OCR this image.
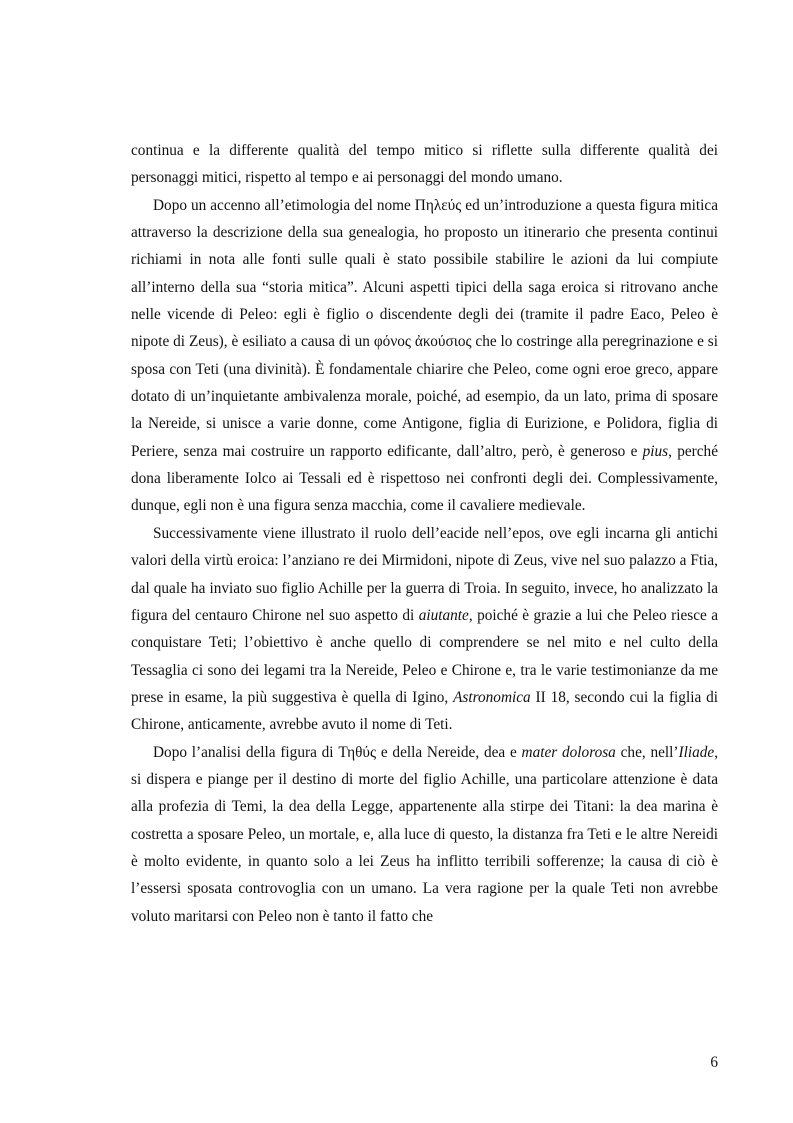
continua e la differente qualità del tempo mitico si riflette sulla differente qualità dei personaggi mitici, rispetto al tempo e ai personaggi del mondo umano.

Dopo un accenno all’etimologia del nome Πηλεύς ed un’introduzione a questa figura mitica attraverso la descrizione della sua genealogia, ho proposto un itinerario che presenta continui richiami in nota alle fonti sulle quali è stato possibile stabilire le azioni da lui compiute all’interno della sua “storia mitica”. Alcuni aspetti tipici della saga eroica si ritrovano anche nelle vicende di Peleo: egli è figlio o discendente degli dei (tramite il padre Eaco, Peleo è nipote di Zeus), è esiliato a causa di un φόνος ἀκούσιος che lo costringe alla peregrinazione e si sposa con Teti (una divinità). È fondamentale chiarire che Peleo, come ogni eroe greco, appare dotato di un’inquietante ambivalenza morale, poiché, ad esempio, da un lato, prima di sposare la Nereide, si unisce a varie donne, come Antigone, figlia di Eurizione, e Polidora, figlia di Periere, senza mai costruire un rapporto edificante, dall’altro, però, è generoso e pius, perché dona liberamente Iolco ai Tessali ed è rispettoso nei confronti degli dei. Complessivamente, dunque, egli non è una figura senza macchia, come il cavaliere medievale.

Successivamente viene illustrato il ruolo dell’eacide nell’epos, ove egli incarna gli antichi valori della virtù eroica: l’anziano re dei Mirmidoni, nipote di Zeus, vive nel suo palazzo a Ftia, dal quale ha inviato suo figlio Achille per la guerra di Troia. In seguito, invece, ho analizzato la figura del centauro Chirone nel suo aspetto di aiutante, poiché è grazie a lui che Peleo riesce a conquistare Teti; l’obiettivo è anche quello di comprendere se nel mito e nel culto della Tessaglia ci sono dei legami tra la Nereide, Peleo e Chirone e, tra le varie testimonianze da me prese in esame, la più suggestiva è quella di Igino, Astronomica II 18, secondo cui la figlia di Chirone, anticamente, avrebbe avuto il nome di Teti.

Dopo l’analisi della figura di Τηθύς e della Nereide, dea e mater dolorosa che, nell’Iliade, si dispera e piange per il destino di morte del figlio Achille, una particolare attenzione è data alla profezia di Temi, la dea della Legge, appartenente alla stirpe dei Titani: la dea marina è costretta a sposare Peleo, un mortale, e, alla luce di questo, la distanza fra Teti e le altre Nereidi è molto evidente, in quanto solo a lei Zeus ha inflitto terribili sofferenze; la causa di ciò è l’essersi sposata controvoglia con un umano. La vera ragione per la quale Teti non avrebbe voluto maritarsi con Peleo non è tanto il fatto che

6
